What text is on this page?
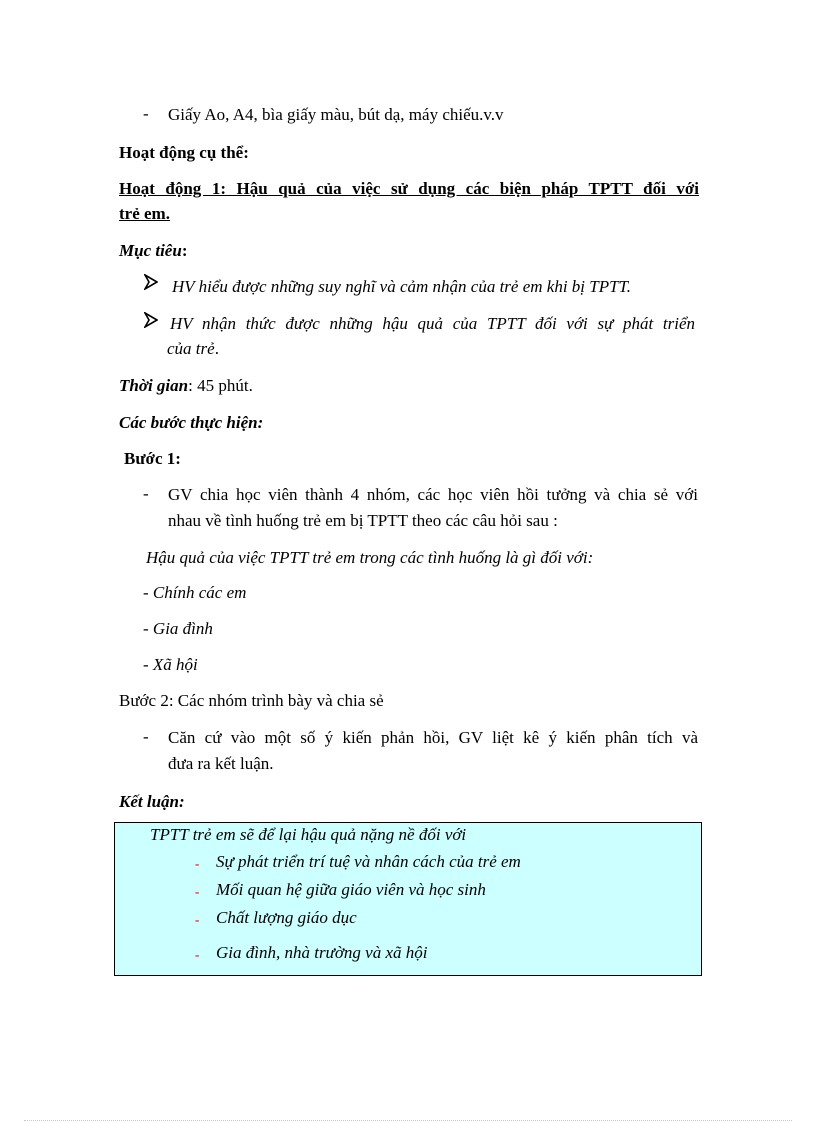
- Giấy Ao, A4, bìa giấy màu, bút dạ, máy chiếu.v.v
Hoạt động cụ thể:
Hoạt động 1: Hậu quả của việc sử dụng các biện pháp TPTT đối với
trẻ em.
Mục tiêu:
HV hiểu được những suy nghĩ và cảm nhận của trẻ em khi bị TPTT.
HV nhận thức được những hậu quả của TPTT đối với sự phát triển
của trẻ.
Thời gian: 45 phút.
Các bước thực hiện:
Bước 1:
- GV chia học viên thành 4 nhóm, các học viên hồi tưởng và chia sẻ với
nhau về tình huống trẻ em bị TPTT theo các câu hỏi sau :
Hậu quả của việc TPTT trẻ em trong các tình huống là gì đối với:
- Chính các em
- Gia đình
- Xã hội
Bước 2: Các nhóm trình bày và chia sẻ
- Căn cứ vào một số ý kiến phản hồi, GV liệt kê ý kiến phân tích và
đưa ra kết luận.
Kết luận:
TPTT trẻ em sẽ để lại hậu quả nặng nề đối với
- Sự phát triển trí tuệ và nhân cách của trẻ em
- Mối quan hệ giữa giáo viên và học sinh
- Chất lượng giáo dục
- Gia đình, nhà trường và xã hội
